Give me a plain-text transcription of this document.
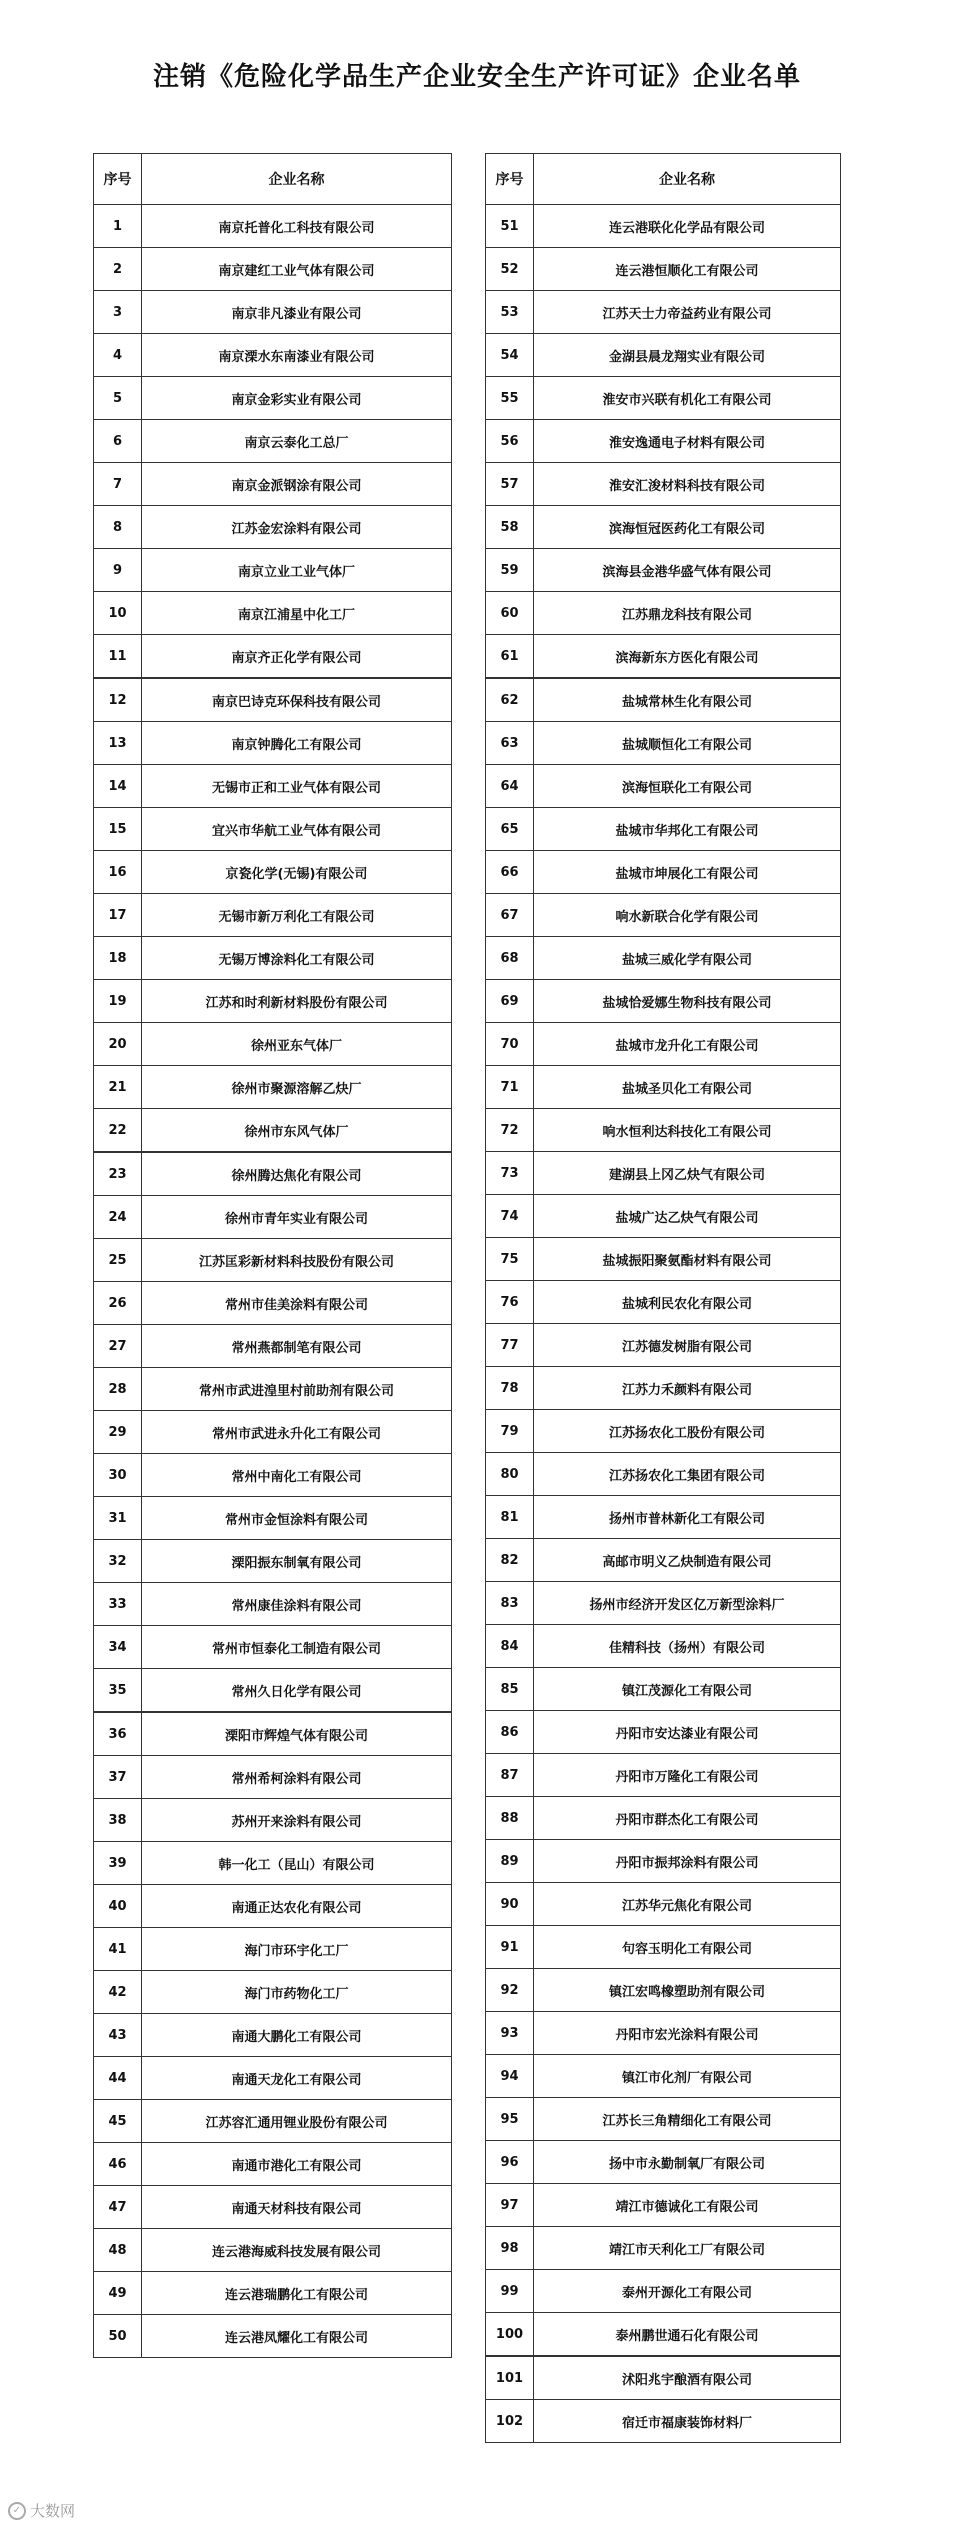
注销《危险化学品生产企业安全生产许可证》企业名单
序号	企业名称
1	南京托普化工科技有限公司
2	南京建红工业气体有限公司
3	南京非凡漆业有限公司
4	南京溧水东南漆业有限公司
5	南京金彩实业有限公司
6	南京云泰化工总厂
7	南京金派钢涂有限公司
8	江苏金宏涂料有限公司
9	南京立业工业气体厂
10	南京江浦星中化工厂
11	南京齐正化学有限公司
12	南京巴诗克环保科技有限公司
13	南京钟腾化工有限公司
14	无锡市正和工业气体有限公司
15	宜兴市华航工业气体有限公司
16	京瓷化学(无锡)有限公司
17	无锡市新万利化工有限公司
18	无锡万博涂料化工有限公司
19	江苏和时利新材料股份有限公司
20	徐州亚东气体厂
21	徐州市聚源溶解乙炔厂
22	徐州市东风气体厂
23	徐州腾达焦化有限公司
24	徐州市青年实业有限公司
25	江苏匡彩新材料科技股份有限公司
26	常州市佳美涂料有限公司
27	常州燕都制笔有限公司
28	常州市武进湟里村前助剂有限公司
29	常州市武进永升化工有限公司
30	常州中南化工有限公司
31	常州市金恒涂料有限公司
32	溧阳振东制氧有限公司
33	常州康佳涂料有限公司
34	常州市恒泰化工制造有限公司
35	常州久日化学有限公司
36	溧阳市辉煌气体有限公司
37	常州希柯涂料有限公司
38	苏州开来涂料有限公司
39	韩一化工（昆山）有限公司
40	南通正达农化有限公司
41	海门市环宇化工厂
42	海门市药物化工厂
43	南通大鹏化工有限公司
44	南通天龙化工有限公司
45	江苏容汇通用锂业股份有限公司
46	南通市港化工有限公司
47	南通天材科技有限公司
48	连云港海威科技发展有限公司
49	连云港瑞鹏化工有限公司
50	连云港凤耀化工有限公司
序号	企业名称
51	连云港联化化学品有限公司
52	连云港恒顺化工有限公司
53	江苏天士力帝益药业有限公司
54	金湖县晨龙翔实业有限公司
55	淮安市兴联有机化工有限公司
56	淮安逸通电子材料有限公司
57	淮安汇浚材料科技有限公司
58	滨海恒冠医药化工有限公司
59	滨海县金港华盛气体有限公司
60	江苏鼎龙科技有限公司
61	滨海新东方医化有限公司
62	盐城常林生化有限公司
63	盐城顺恒化工有限公司
64	滨海恒联化工有限公司
65	盐城市华邦化工有限公司
66	盐城市坤展化工有限公司
67	响水新联合化学有限公司
68	盐城三威化学有限公司
69	盐城恰爱娜生物科技有限公司
70	盐城市龙升化工有限公司
71	盐城圣贝化工有限公司
72	响水恒利达科技化工有限公司
73	建湖县上冈乙炔气有限公司
74	盐城广达乙炔气有限公司
75	盐城振阳聚氨酯材料有限公司
76	盐城利民农化有限公司
77	江苏德发树脂有限公司
78	江苏力禾颜料有限公司
79	江苏扬农化工股份有限公司
80	江苏扬农化工集团有限公司
81	扬州市普林新化工有限公司
82	高邮市明义乙炔制造有限公司
83	扬州市经济开发区亿万新型涂料厂
84	佳精科技（扬州）有限公司
85	镇江茂源化工有限公司
86	丹阳市安达漆业有限公司
87	丹阳市万隆化工有限公司
88	丹阳市群杰化工有限公司
89	丹阳市振邦涂料有限公司
90	江苏华元焦化有限公司
91	句容玉明化工有限公司
92	镇江宏鸣橡塑助剂有限公司
93	丹阳市宏光涂料有限公司
94	镇江市化剂厂有限公司
95	江苏长三角精细化工有限公司
96	扬中市永勤制氧厂有限公司
97	靖江市德诚化工有限公司
98	靖江市天利化工厂有限公司
99	泰州开源化工有限公司
100	泰州鹏世通石化有限公司
101	沭阳兆宇酿酒有限公司
102	宿迁市福康装饰材料厂
✓ 大数网
